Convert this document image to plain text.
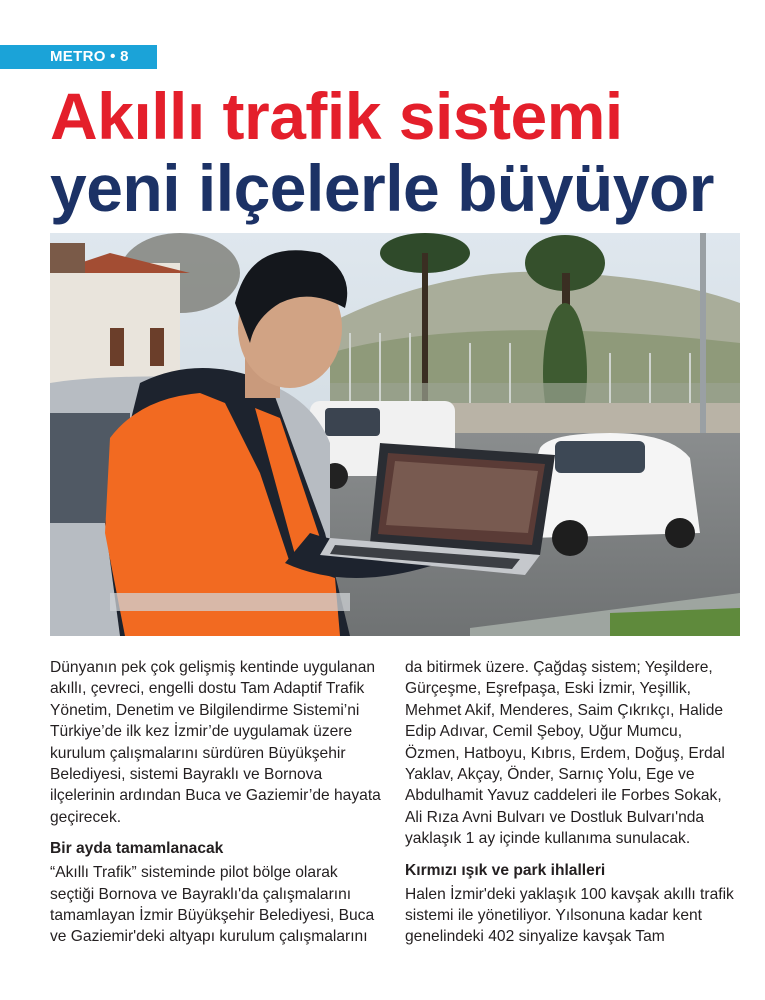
METRO • 8
Akıllı trafik sistemi
yeni ilçelerle büyüyor

Dünyanın pek çok gelişmiş kentinde uygulanan akıllı, çevreci, engelli dostu Tam Adaptif Trafik Yönetim, Denetim ve Bilgilendirme Sistemi’ni Türkiye’de ilk kez İzmir’de uygulamak üzere kurulum çalışmalarını sürdüren Büyükşehir Belediyesi, sistemi Bayraklı ve Bornova ilçelerinin ardından Buca ve Gaziemir’de hayata geçirecek.

Bir ayda tamamlanacak

“Akıllı Trafik” sisteminde pilot bölge olarak seçtiği Bornova ve Bayraklı'da çalışmalarını tamamlayan İzmir Büyükşehir Belediyesi, Buca ve Gaziemir'deki altyapı kurulum çalışmalarını

da bitirmek üzere. Çağdaş sistem; Yeşildere, Gürçeşme, Eşrefpaşa, Eski İzmir, Yeşillik, Mehmet Akif, Menderes, Saim Çıkrıkçı, Halide Edip Adıvar, Cemil Şeboy, Uğur Mumcu, Özmen, Hatboyu, Kıbrıs, Erdem, Doğuş, Erdal Yaklav, Akçay, Önder, Sarnıç Yolu, Ege ve Abdulhamit Yavuz caddeleri ile Forbes Sokak, Ali Rıza Avni Bulvarı ve Dostluk Bulvarı'nda yaklaşık 1 ay içinde kullanıma sunulacak.

Kırmızı ışık ve park ihlalleri

Halen İzmir'deki yaklaşık 100 kavşak akıllı trafik sistemi ile yönetiliyor. Yılsonuna kadar kent genelindeki 402 sinyalize kavşak Tam
